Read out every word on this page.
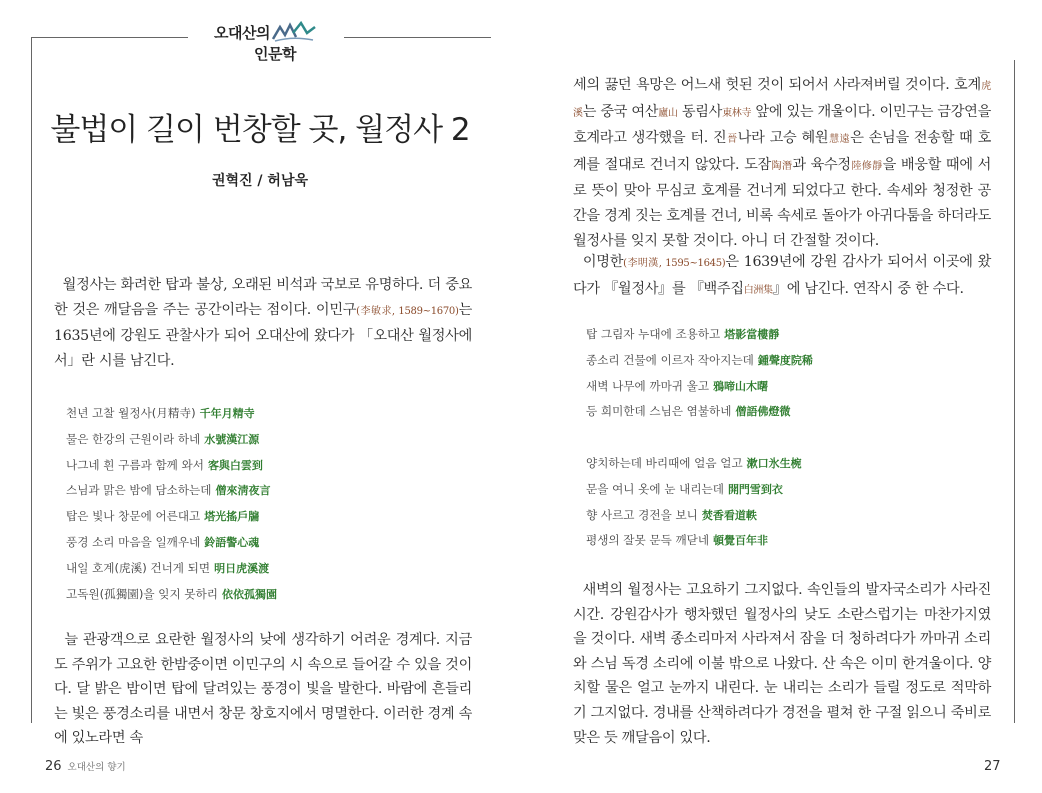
오대산의
인문학
불법이 길이 번창할 곳, 월정사 2
권혁진 / 허남욱

월정사는 화려한 탑과 불상, 오래된 비석과 국보로 유명하다. 더 중요한 것은 깨달음을 주는 공간이라는 점이다. 이민구(李敏求, 1589~1670)는 1635년에 강원도 관찰사가 되어 오대산에 왔다가 「오대산 월정사에서」란 시를 남긴다.

천년 고찰 월정사(月精寺) 千年月精寺
물은 한강의 근원이라 하네 水號漢江源
나그네 흰 구름과 함께 와서 客與白雲到
스님과 맑은 밤에 담소하는데 僧來淸夜言
탑은 빛나 창문에 어른대고 塔光搖戶牖
풍경 소리 마음을 일깨우네 鈴語警心魂
내일 호계(虎溪) 건너게 되면 明日虎溪渡
고독원(孤獨園)을 잊지 못하리 依依孤獨園

늘 관광객으로 요란한 월정사의 낮에 생각하기 어려운 경계다. 지금도 주위가 고요한 한밤중이면 이민구의 시 속으로 들어갈 수 있을 것이다. 달 밝은 밤이면 탑에 달려있는 풍경이 빛을 발한다. 바람에 흔들리는 빛은 풍경소리를 내면서 창문 창호지에서 명멸한다. 이러한 경계 속에 있노라면 속

세의 끓던 욕망은 어느새 헛된 것이 되어서 사라져버릴 것이다. 호계虎溪는 중국 여산廬山 동림사東林寺 앞에 있는 개울이다. 이민구는 금강연을 호계라고 생각했을 터. 진晉나라 고승 혜원慧遠은 손님을 전송할 때 호계를 절대로 건너지 않았다. 도잠陶潛과 육수정陸修靜을 배웅할 때에 서로 뜻이 맞아 무심코 호계를 건너게 되었다고 한다. 속세와 청정한 공간을 경계 짓는 호계를 건너, 비록 속세로 돌아가 아귀다툼을 하더라도 월정사를 잊지 못할 것이다. 아니 더 간절할 것이다.

이명한(李明漢, 1595~1645)은 1639년에 강원 감사가 되어서 이곳에 왔다가 『월정사』를 『백주집白洲集』에 남긴다. 연작시 중 한 수다.

탑 그림자 누대에 조용하고 塔影當樓靜
종소리 건물에 이르자 작아지는데 鍾聲度院稀
새벽 나무에 까마귀 울고 鴉啼山木曙
등 희미한데 스님은 염불하네 僧語佛燈微
양치하는데 바리때에 얼음 얼고 漱口氷生椀
문을 여니 옷에 눈 내리는데 開門雪到衣
향 사르고 경전을 보니 焚香看道軼
평생의 잘못 문득 깨닫네 頓覺百年非

새벽의 월정사는 고요하기 그지없다. 속인들의 발자국소리가 사라진 시간. 강원감사가 행차했던 월정사의 낮도 소란스럽기는 마찬가지였을 것이다. 새벽 종소리마저 사라져서 잠을 더 청하려다가 까마귀 소리와 스님 독경 소리에 이불 밖으로 나왔다. 산 속은 이미 한겨울이다. 양치할 물은 얼고 눈까지 내린다. 눈 내리는 소리가 들릴 정도로 적막하기 그지없다. 경내를 산책하려다가 경전을 펼쳐 한 구절 읽으니 죽비로 맞은 듯 깨달음이 있다.

26 오대산의 향기	27
